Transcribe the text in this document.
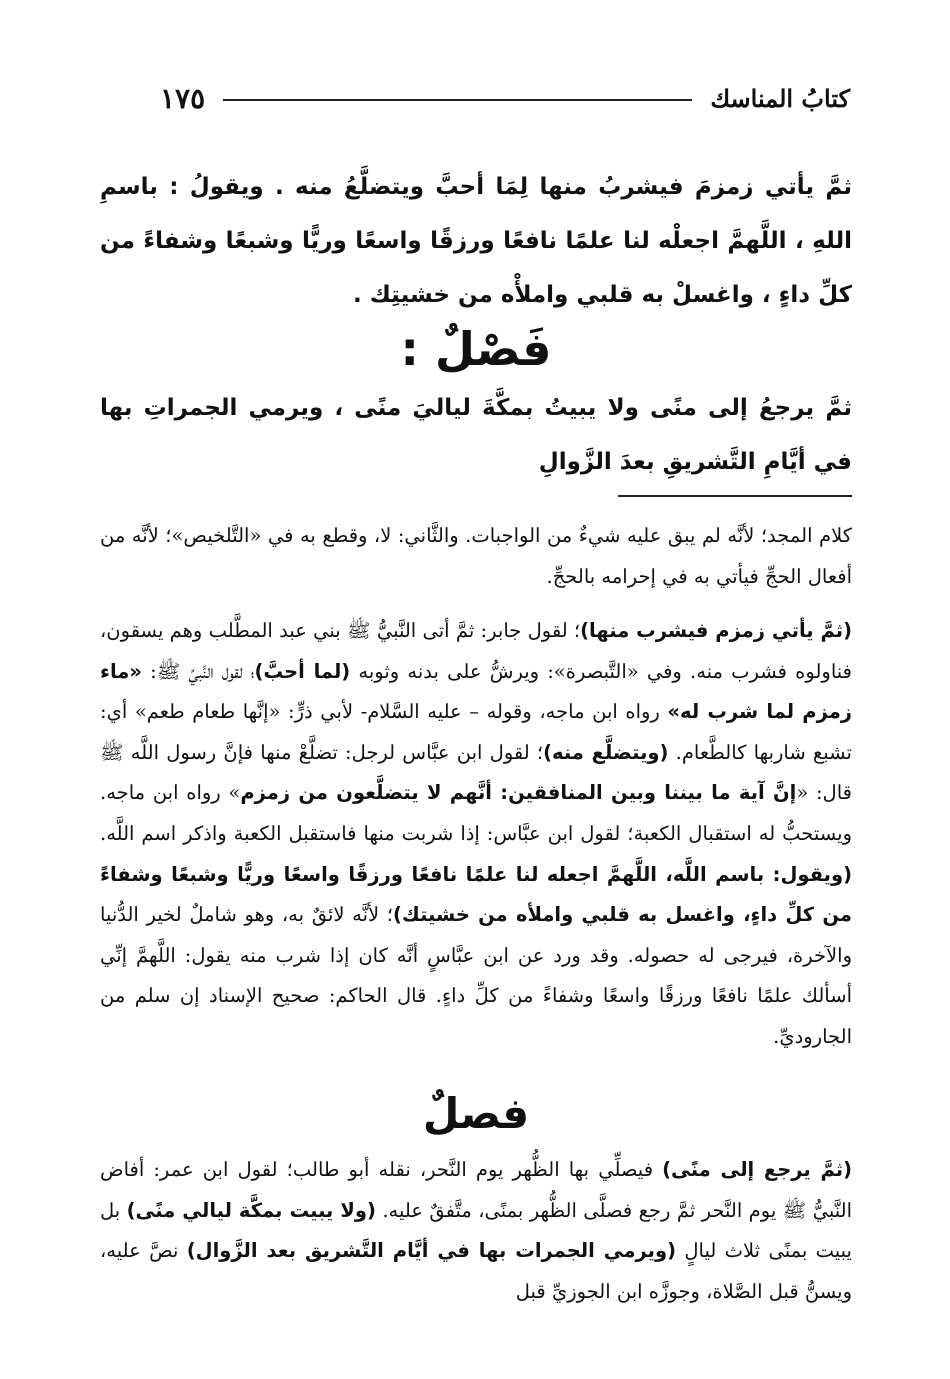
كتابُ المناسك
١٧٥
ثمَّ يأتي زمزمَ فيشربُ منها لِمَا أحبَّ ويتضلَّعُ منه . ويقولُ : باسمِ اللهِ ، اللَّهمَّ اجعلْه لنا علمًا نافعًا ورزقًا واسعًا وريًّا وشبعًا وشفاءً من كلِّ داءٍ ، واغسلْ به قلبي واملأْه من خشيتِك .
فَصْلٌ :
ثمَّ يرجعُ إلى منًى ولا يبيتُ بمكَّةَ لياليَ منًى ، ويرمي الجمراتِ بها في أيَّامِ التَّشريقِ بعدَ الزَّوالِ
كلام المجد؛ لأنَّه لم يبق عليه شيءٌ من الواجبات. والثَّاني: لا، وقطع به في «التَّلخيص»؛ لأنَّه من أفعال الحجِّ فيأتي به في إحرامه بالحجِّ.
(ثمَّ يأتي زمزم فيشرب منها)؛ لقول جابر: ثمَّ أتى النَّبيُّ ﷺ بني عبد المطَّلب وهم يسقون، فناولوه فشرب منه. وفي «التَّبصرة»: ويرشُّ على بدنه وثوبه (لما أحبَّ)؛ لقول النَّبيِّ ﷺ: «ماء زمزم لما شرب له» رواه ابن ماجه، وقوله – عليه السَّلام- لأبي ذرٍّ: «إنَّها طعام طعم» أي: تشبع شاربها كالطَّعام. (ويتضلَّع منه)؛ لقول ابن عبَّاس لرجل: تضلَّعْ منها فإنَّ رسول اللَّه ﷺ قال: «إنَّ آية ما بيننا وبين المنافقين: أنَّهم لا يتضلَّعون من زمزم» رواه ابن ماجه. ويستحبُّ له استقبال الكعبة؛ لقول ابن عبَّاس: إذا شربت منها فاستقبل الكعبة واذكر اسم اللَّه. (ويقول: باسم اللَّه، اللَّهمَّ اجعله لنا علمًا نافعًا ورزقًا واسعًا وريًّا وشبعًا وشفاءً من كلِّ داءٍ، واغسل به قلبي واملأه من خشيتك)؛ لأنَّه لائقٌ به، وهو شاملٌ لخير الدُّنيا والآخرة، فيرجى له حصوله. وقد ورد عن ابن عبَّاسٍ أنَّه كان إذا شرب منه يقول: اللَّهمَّ إنِّي أسألك علمًا نافعًا ورزقًا واسعًا وشفاءً من كلِّ داءٍ. قال الحاكم: صحيح الإسناد إن سلم من الجاروديِّ.
فصلٌ
(ثمَّ يرجع إلى منًى) فيصلِّي بها الظُّهر يوم النَّحر، نقله أبو طالب؛ لقول ابن عمر: أفاض النَّبيُّ ﷺ يوم النَّحر ثمَّ رجع فصلَّى الظُّهر بمنًى، متَّفقٌ عليه. (ولا يبيت بمكَّة ليالي منًى) بل يبيت بمنًى ثلاث ليالٍ (ويرمي الجمرات بها في أيَّام التَّشريق بعد الزَّوال) نصَّ عليه، ويسنُّ قبل الصَّلاة، وجوزَّه ابن الجوزيِّ قبل
